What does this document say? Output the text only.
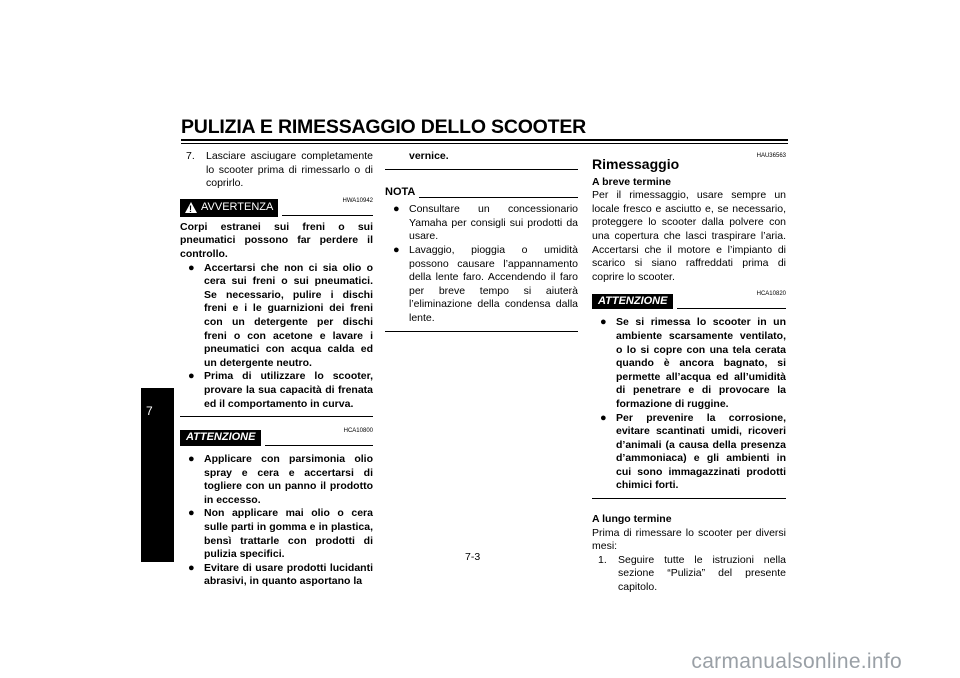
PULIZIA E RIMESSAGGIO DELLO SCOOTER
7
7.	Lasciare asciugare completamente lo scooter prima di rimessarlo o di coprirlo.
!
AVVERTENZA
HWA10942

Corpi estranei sui freni o sui pneumatici possono far perdere il controllo.

● Accertarsi che non ci sia olio o cera sui freni o sui pneumatici. Se necessario, pulire i dischi freni e i le guarnizioni dei freni con un detergente per dischi freni o con acetone e lavare i pneumatici con acqua calda ed un detergente neutro.
● Prima di utilizzare lo scooter, provare la sua capacità di frenata ed il comportamento in curva.
ATTENZIONE
HCA10800
● Applicare con parsimonia olio spray e cera e accertarsi di togliere con un panno il prodotto in eccesso.
● Non applicare mai olio o cera sulle parti in gomma e in plastica, bensì trattarle con prodotti di pulizia specifici.
● Evitare di usare prodotti lucidanti abrasivi, in quanto asportano la

vernice.

NOTA
● Consultare un concessionario Yamaha per consigli sui prodotti da usare.
● Lavaggio, pioggia o umidità possono causare l’appannamento della lente faro. Accendendo il faro per breve tempo si aiuterà l’eliminazione della condensa dalla lente.
HAU36563
Rimessaggio

A breve termine

Per il rimessaggio, usare sempre un locale fresco e asciutto e, se necessario, proteggere lo scooter dalla polvere con una copertura che lasci traspirare l’aria. Accertarsi che il motore e l’impianto di scarico si siano raffreddati prima di coprire lo scooter.

ATTENZIONE
HCA10820
● Se si rimessa lo scooter in un ambiente scarsamente ventilato, o lo si copre con una tela cerata quando è ancora bagnato, si permette all’acqua ed all’umidità di penetrare e di provocare la formazione di ruggine.
● Per prevenire la corrosione, evitare scantinati umidi, ricoveri d’animali (a causa della presenza d’ammoniaca) e gli ambienti in cui sono immagazzinati prodotti chimici forti.

A lungo termine

Prima di rimessare lo scooter per diversi mesi:

1.	Seguire tutte le istruzioni nella sezione “Pulizia” del presente capitolo.
7-3
carmanualsonline.info
